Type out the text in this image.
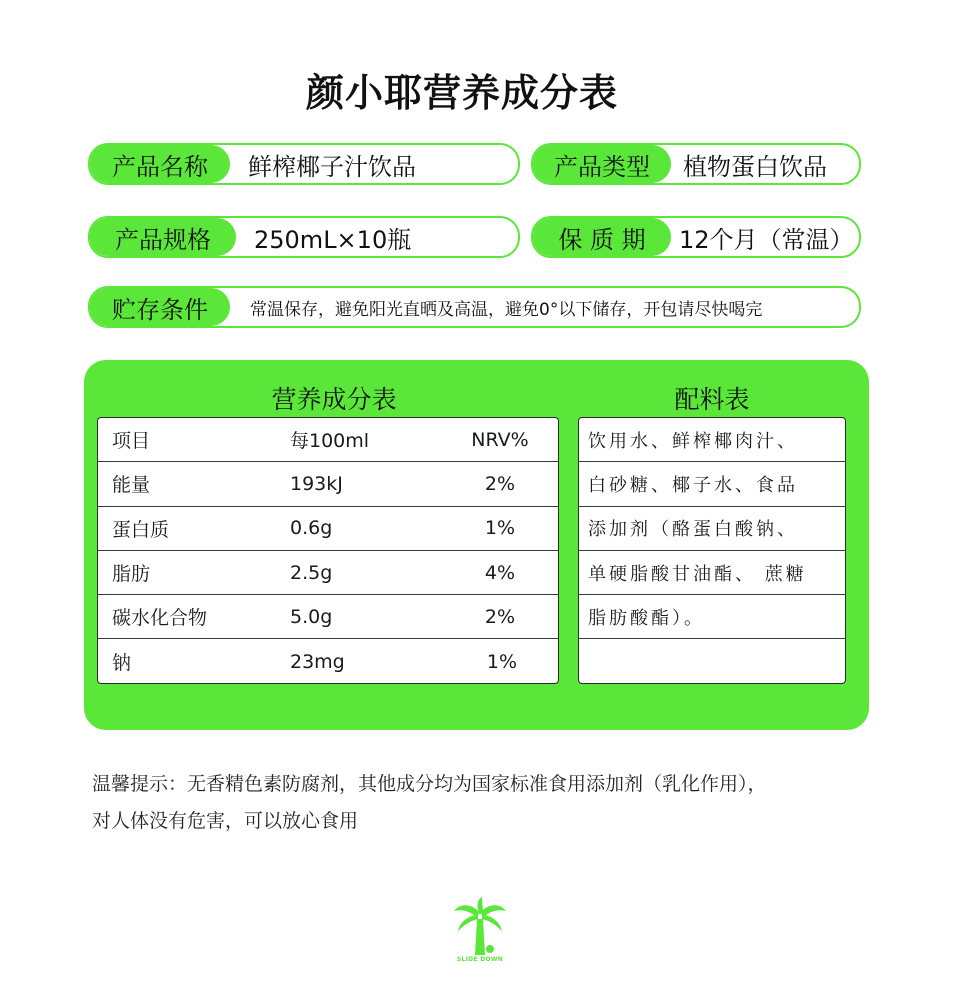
颜小耶营养成分表
产品名称	鲜榨椰子汁饮品	产品类型	植物蛋白饮品
产品规格	250mL×10瓶	保 质 期	12个月（常温）
贮存条件	常温保存，避免阳光直晒及高温，避免0°以下储存，开包请尽快喝完
营养成分表	配料表
项目	每100ml	NRV%
能量	193kJ	2%
蛋白质	0.6g	1%
脂肪	2.5g	4%
碳水化合物	5.0g	2%
钠	23mg	1%
饮用水、鲜榨椰肉汁、
白砂糖、椰子水、食品
添加剂（酪蛋白酸钠、
单硬脂酸甘油酯、 蔗糖
脂肪酸酯）。
温馨提示：无香精色素防腐剂，其他成分均为国家标准食用添加剂（乳化作用），
对人体没有危害，可以放心食用
SLIDE DOWN
